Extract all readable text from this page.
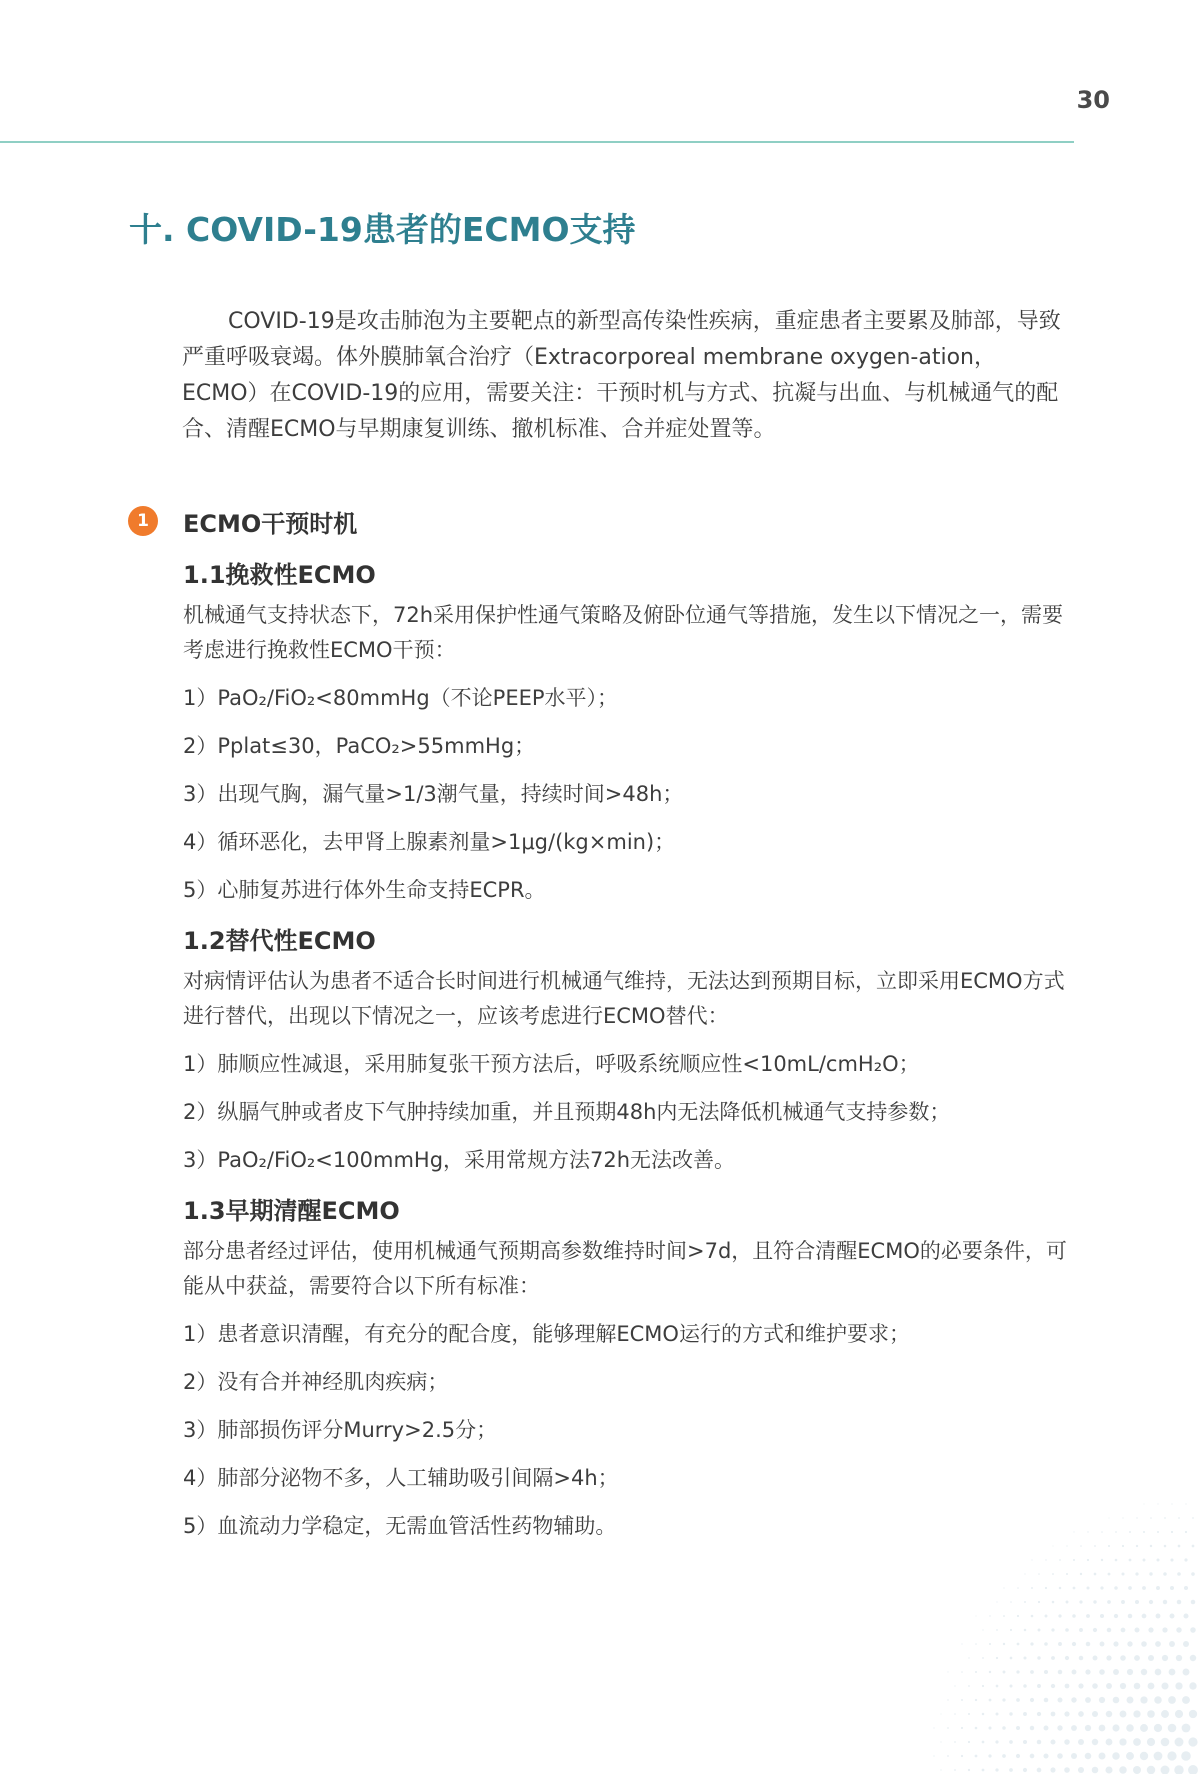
30
十. COVID-19患者的ECMO支持

COVID-19是攻击肺泡为主要靶点的新型高传染性疾病，重症患者主要累及肺部，导致严重呼吸衰竭。体外膜肺氧合治疗（Extracorporeal membrane oxygen-ation，ECMO）在COVID-19的应用，需要关注：干预时机与方式、抗凝与出血、与机械通气的配合、清醒ECMO与早期康复训练、撤机标准、合并症处置等。

1	ECMO干预时机
1.1挽救性ECMO

机械通气支持状态下，72h采用保护性通气策略及俯卧位通气等措施，发生以下情况之一，需要考虑进行挽救性ECMO干预：

1）PaO₂/FiO₂<80mmHg（不论PEEP水平）；

2）Pplat≤30，PaCO₂>55mmHg；

3）出现气胸，漏气量>1/3潮气量，持续时间>48h；

4）循环恶化，去甲肾上腺素剂量>1μg/(kg×min)；

5）心肺复苏进行体外生命支持ECPR。

1.2替代性ECMO

对病情评估认为患者不适合长时间进行机械通气维持，无法达到预期目标，立即采用ECMO方式进行替代，出现以下情况之一，应该考虑进行ECMO替代：

1）肺顺应性减退，采用肺复张干预方法后，呼吸系统顺应性<10mL/cmH₂O；

2）纵膈气肿或者皮下气肿持续加重，并且预期48h内无法降低机械通气支持参数；

3）PaO₂/FiO₂<100mmHg，采用常规方法72h无法改善。

1.3早期清醒ECMO

部分患者经过评估，使用机械通气预期高参数维持时间>7d，且符合清醒ECMO的必要条件，可能从中获益，需要符合以下所有标准：

1）患者意识清醒，有充分的配合度，能够理解ECMO运行的方式和维护要求；

2）没有合并神经肌肉疾病；

3）肺部损伤评分Murry>2.5分；

4）肺部分泌物不多，人工辅助吸引间隔>4h；

5）血流动力学稳定，无需血管活性药物辅助。
